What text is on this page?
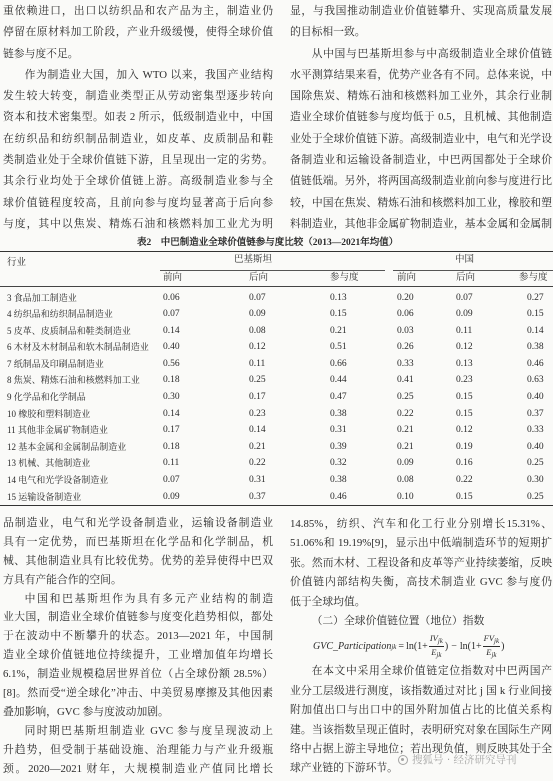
重依赖进口，出口以纺织品和农产品为主，制造业仍
停留在原材料加工阶段，产业升级缓慢，使得全球价值
链参与度不足。
作为制造业大国，加入 WTO 以来，我国产业结构
发生较大转变，制造业类型正从劳动密集型逐步转向
资本和技术密集型。如表 2 所示，低级制造业中，中国
在纺织品和纺织制品制造业，如皮革、皮质制品和鞋
类制造业处于全球价值链下游，且呈现出一定的劣势。
其余行业均处于全球价值链上游。高级制造业参与全
球价值链程度较高，且前向参与度均显著高于后向参
与度，其中以焦炭、精炼石油和核燃料加工业尤为明
显，与我国推动制造业价值链攀升、实现高质量发展
的目标相一致。
从中国与巴基斯坦参与中高级制造业全球价值链
水平测算结果来看，优势产业各有不同。总体来说，中
国除焦炭、精炼石油和核燃料加工业外，其余行业制
造业全球价值链参与度均低于 0.5，且机械、其他制造
业处于全球价值链下游。高级制造业中，电气和光学设
备制造业和运输设备制造业，中巴两国都处于全球价
值链低端。另外，将两国高级制造业前向参与度进行比
较，中国在焦炭、精炼石油和核燃料加工业，橡胶和塑
料制造业，其他非金属矿物制造业，基本金属和金属制
表2　中巴制造业全球价值链参与度比较（2013—2021年均值）
行业	巴基斯坦			中国		

	前向	后向	参与度	前向	后向	参与度

3 食品加工制造业	0.06	0.07	0.13	0.20	0.07	0.27
4 纺织品和纺织制品制造业	0.07	0.09	0.15	0.06	0.09	0.15
5 皮革、皮质制品和鞋类制造业	0.14	0.08	0.21	0.03	0.11	0.14
6 木材及木材制品和软木制品制造业	0.40	0.12	0.51	0.26	0.12	0.38
7 纸制品及印刷品制造业	0.56	0.11	0.66	0.33	0.13	0.46
8 焦炭、精炼石油和核燃料加工业	0.18	0.25	0.44	0.41	0.23	0.63
9 化学品和化学制品	0.30	0.17	0.47	0.25	0.15	0.40
10 橡胶和塑料制造业	0.14	0.23	0.38	0.22	0.15	0.37
11 其他非金属矿物制造业	0.17	0.14	0.31	0.21	0.12	0.33
12 基本金属和金属制品制造业	0.18	0.21	0.39	0.21	0.19	0.40
13 机械、其他制造业	0.11	0.22	0.32	0.09	0.16	0.25
14 电气和光学设备制造业	0.07	0.31	0.38	0.08	0.22	0.30
15 运输设备制造业	0.09	0.37	0.46	0.10	0.15	0.25
品制造业，电气和光学设备制造业，运输设备制造业
具有一定优势，而巴基斯坦在化学品和化学制品，机
械、其他制造业具有比较优势。优势的差异使得中巴双
方具有产能合作的空间。
中国和巴基斯坦作为具有多元产业结构的制造
业大国，制造业全球价值链参与度变化趋势相似，都处
于在波动中不断攀升的状态。2013—2021 年，中国制
造业全球价值链地位持续提升，工业增加值年均增长
6.1%，制造业规模稳居世界首位（占全球份额 28.5%）
[8]。然而受“逆全球化”冲击、中美贸易摩擦及其他因素
叠加影响，GVC 参与度波动加剧。
同时期巴基斯坦制造业 GVC 参与度呈现波动上
升趋势，但受制于基础设施、治理能力与产业升级瓶
颈。2020—2021 财年，大规模制造业产值同比增长
14.85%，纺织、汽车和化工行业分别增长15.31%、
51.06%和 19.19%[9]，显示出中低端制造环节的短期扩
张。然而木材、工程设备和皮革等产业持续萎缩，反映
价值链内部结构失衡，高技术制造业 GVC 参与度仍
低于全球均值。
（二）全球价值链位置（地位）指数
GVC_Participation jk = $\ln (1+ \frac{IV_{jk}}{E_{jk}}$ ) − $\ln (1+ \frac{FV_{jk}}{E_{jk}}$ )
在本文中采用全球价值链定位指数对中巴两国产
业分工层级进行测度，该指数通过对比 j 国 k 行业间接
附加值出口与出口中的国外附加值占比的比值关系构
建。当该指数呈现正值时，表明研究对象在国际生产网
络中占据上游主导地位；若出现负值，则反映其处于全
球产业链的下游环节。
搜狐号 · 经济研究导刊
